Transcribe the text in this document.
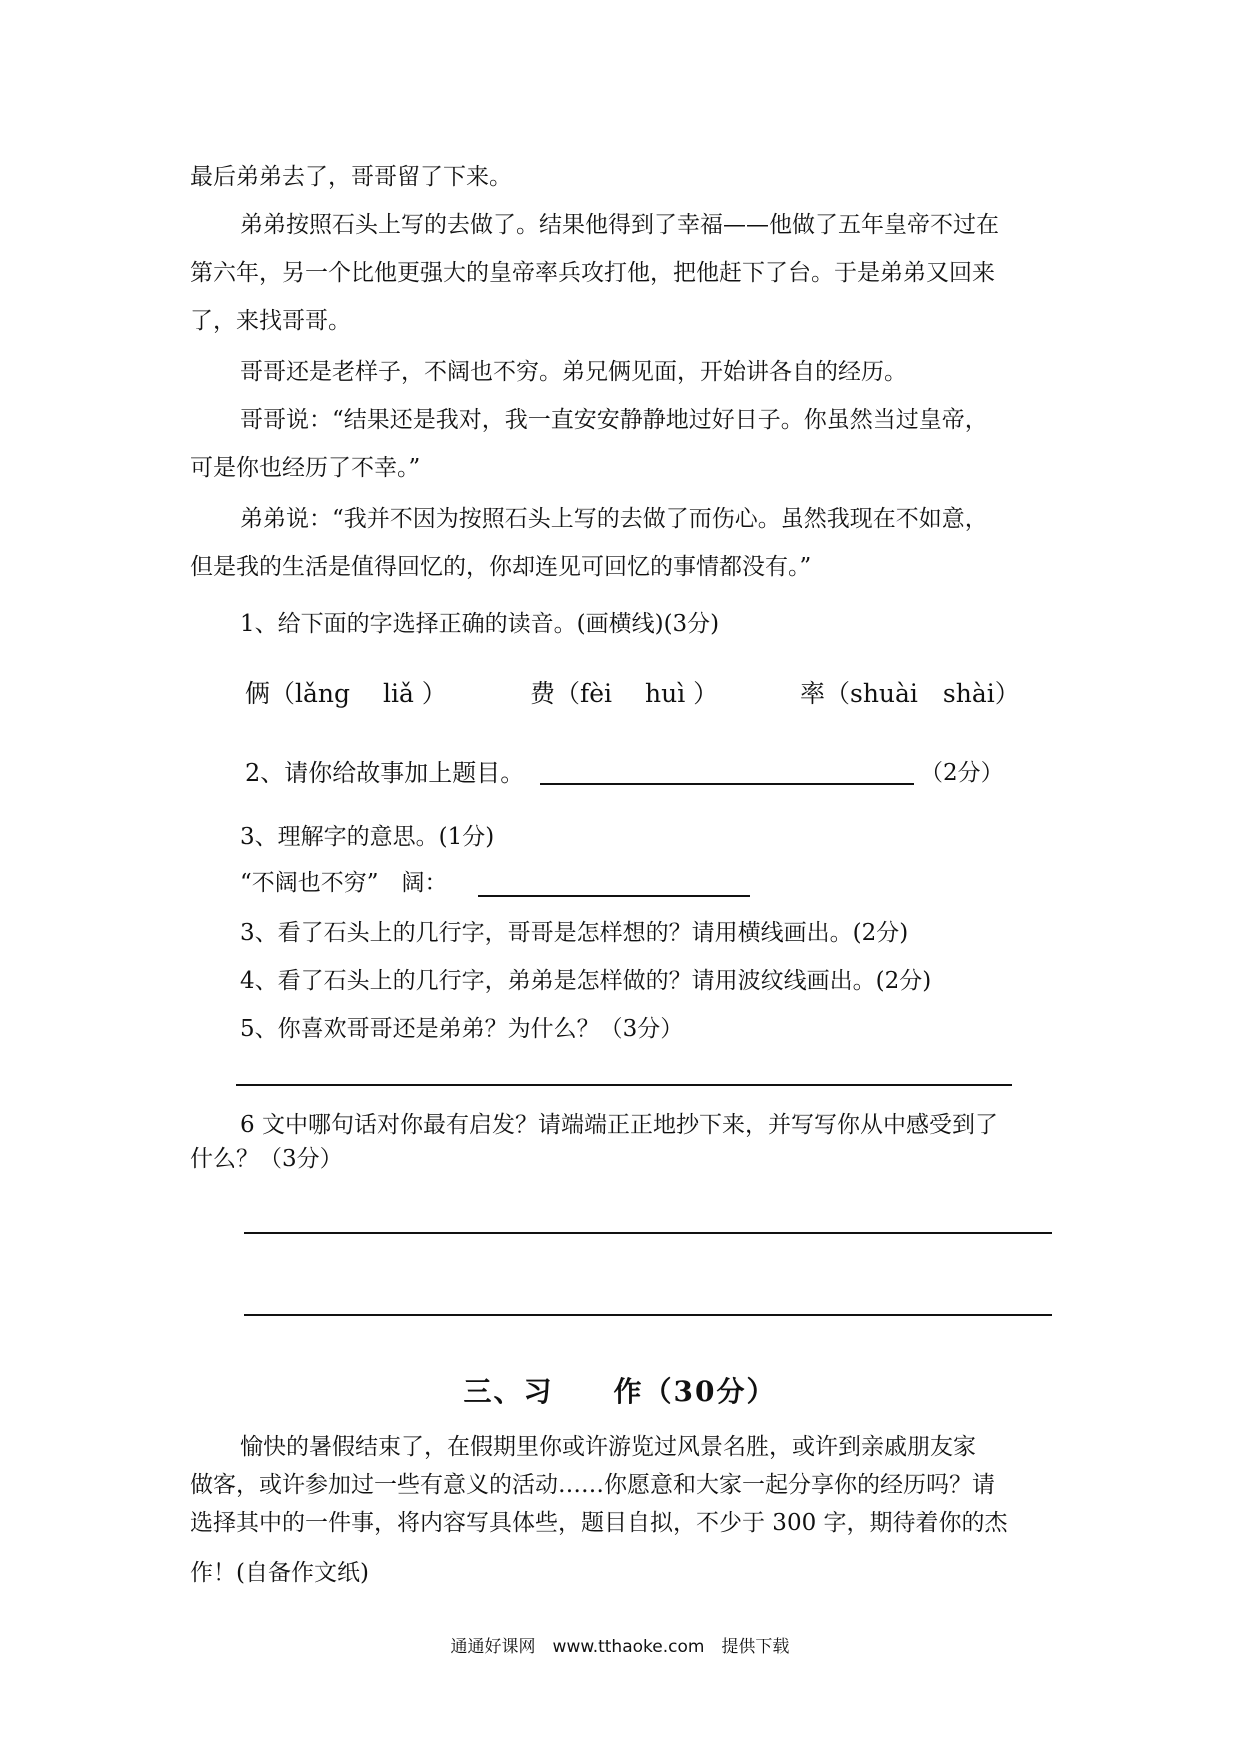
最后弟弟去了，哥哥留了下来。
弟弟按照石头上写的去做了。结果他得到了幸福——他做了五年皇帝不过在
第六年，另一个比他更强大的皇帝率兵攻打他，把他赶下了台。于是弟弟又回来
了，来找哥哥。
哥哥还是老样子，不阔也不穷。弟兄俩见面，开始讲各自的经历。
哥哥说：“结果还是我对，我一直安安静静地过好日子。你虽然当过皇帝，
可是你也经历了不幸。”
弟弟说：“我并不因为按照石头上写的去做了而伤心。虽然我现在不如意，
但是我的生活是值得回忆的，你却连见可回忆的事情都没有。”
1、给下面的字选择正确的读音。(画横线)(3分)
俩（lǎng　 liǎ ）	费（fèi　 huì ）	率（shuài　shài）
2、请你给故事加上题目。	（2分）
3、理解字的意思。(1分)
“不阔也不穷”　阔：
3、看了石头上的几行字，哥哥是怎样想的？请用横线画出。(2分)
4、看了石头上的几行字，弟弟是怎样做的？请用波纹线画出。(2分)
5、你喜欢哥哥还是弟弟？为什么？（3分）
6 文中哪句话对你最有启发？请端端正正地抄下来，并写写你从中感受到了
什么？（3分）
三、习　　作（30分）
愉快的暑假结束了，在假期里你或许游览过风景名胜，或许到亲戚朋友家
做客，或许参加过一些有意义的活动……你愿意和大家一起分享你的经历吗？请
选择其中的一件事，将内容写具体些，题目自拟，不少于 300 字，期待着你的杰
作！(自备作文纸)
通通好课网　www.tthaoke.com　提供下载
